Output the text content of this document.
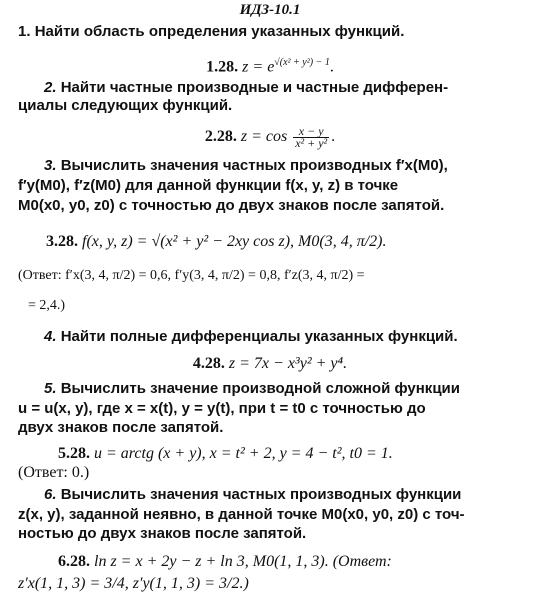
ИДЗ-10.1
1. Найти область определения указанных функций.
1.28. $z = e^{√(x^2 + y^2) - 1}$.
2. Найти частные производные и частные дифферен-
циалы следующих функций.
2.28. $z = \cos \frac{x - y}{\text{x² + y²}}$ .
3. Вычислить значения частных производных f′x(M0),
f′y(M0), f′z(M0) для данной функции f(x, y, z) в точке
M0(x0, y0, z0) с точностью до двух знаков после запятой.
3.28. f(x, y, z) = √(x² + y² − 2xy cos z), M0(3, 4, π/2).
(Ответ: f′x(3, 4, π/2) = 0,6, f′y(3, 4, π/2) = 0,8, f′z(3, 4, π/2) =
= 2,4.)
4. Найти полные дифференциалы указанных функций.
4.28. z = 7x − x³y² + y⁴.
5. Вычислить значение производной сложной функции
u = u(x, y), где x = x(t), y = y(t), при t = t0 с точностью до
двух знаков после запятой.
5.28. u = arctg (x + y), x = t² + 2, y = 4 − t², t0 = 1.
(Ответ: 0.)
6. Вычислить значения частных производных функции
z(x, y), заданной неявно, в данной точке M0(x0, y0, z0) с точ-
ностью до двух знаков после запятой.
6.28. ln z = x + 2y − z + ln 3, M0(1, 1, 3). (Ответ:
z′x(1, 1, 3) = 3/4, z′y(1, 1, 3) = 3/2.)
